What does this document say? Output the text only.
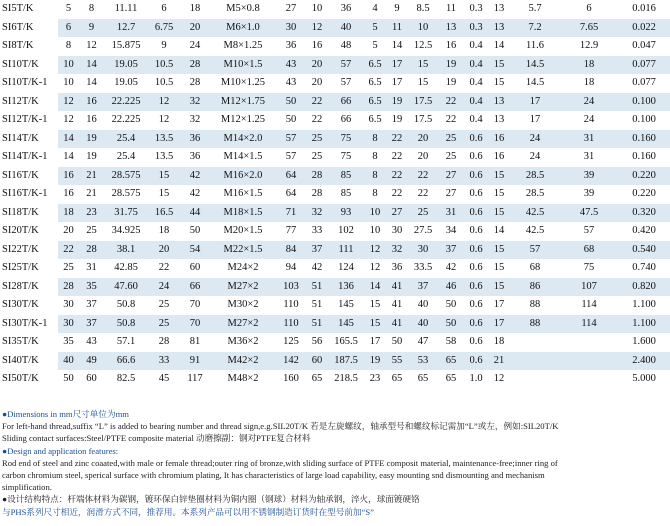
SI5T/K	5	8	11.11	6	18	M5×0.8	27	10	36	4	9	8.5	11	0.3	13	5.7	6	0.016
SI6T/K	6	9	12.7	6.75	20	M6×1.0	30	12	40	5	11	10	13	0.3	13	7.2	7.65	0.022
SI8T/K	8	12	15.875	9	24	M8×1.25	36	16	48	5	14	12.5	16	0.4	14	11.6	12.9	0.047
SI10T/K	10	14	19.05	10.5	28	M10×1.5	43	20	57	6.5	17	15	19	0.4	15	14.5	18	0.077
SI10T/K-1	10	14	19.05	10.5	28	M10×1.25	43	20	57	6.5	17	15	19	0.4	15	14.5	18	0.077
SI12T/K	12	16	22.225	12	32	M12×1.75	50	22	66	6.5	19	17.5	22	0.4	13	17	24	0.100
SI12T/K-1	12	16	22.225	12	32	M12×1.25	50	22	66	6.5	19	17.5	22	0.4	13	17	24	0.100
SI14T/K	14	19	25.4	13.5	36	M14×2.0	57	25	75	8	22	20	25	0.6	16	24	31	0.160
SI14T/K-1	14	19	25.4	13.5	36	M14×1.5	57	25	75	8	22	20	25	0.6	16	24	31	0.160
SI16T/K	16	21	28.575	15	42	M16×2.0	64	28	85	8	22	22	27	0.6	15	28.5	39	0.220
SI16T/K-1	16	21	28.575	15	42	M16×1.5	64	28	85	8	22	22	27	0.6	15	28.5	39	0.220
SI18T/K	18	23	31.75	16.5	44	M18×1.5	71	32	93	10	27	25	31	0.6	15	42.5	47.5	0.320
SI20T/K	20	25	34.925	18	50	M20×1.5	77	33	102	10	30	27.5	34	0.6	14	42.5	57	0.420
SI22T/K	22	28	38.1	20	54	M22×1.5	84	37	111	12	32	30	37	0.6	15	57	68	0.540
SI25T/K	25	31	42.85	22	60	M24×2	94	42	124	12	36	33.5	42	0.6	15	68	75	0.740
SI28T/K	28	35	47.60	24	66	M27×2	103	51	136	14	41	37	46	0.6	15	86	107	0.820
SI30T/K	30	37	50.8	25	70	M30×2	110	51	145	15	41	40	50	0.6	17	88	114	1.100
SI30T/K-1	30	37	50.8	25	70	M27×2	110	51	145	15	41	40	50	0.6	17	88	114	1.100
SI35T/K	35	43	57.1	28	81	M36×2	125	56	165.5	17	50	47	58	0.6	18			1.600
SI40T/K	40	49	66.6	33	91	M42×2	142	60	187.5	19	55	53	65	0.6	21			2.400
SI50T/K	50	60	82.5	45	117	M48×2	160	65	218.5	23	65	65	65	1.0	12			5.000
●Dimensions in mm尺寸单位为mm
For left-hand thread,suffix “L” is added to bearing number and thread sign,e.g.SIL20T/K 若是左旋螺纹，轴承型号和螺纹标记需加“L”或左，例如:SIL20T/K
Sliding contact surfaces:Steel/PTFE composite material 动磨擦副：钢对PTFE复合材料
●Design and application features:
Rod end of steel and zinc coaated,with male or female thread;outer ring of bronze,with sliding surface of PTFE composit material, maintenance-free;inner ring of
carbon chromium steel, sperical surface with chromium plating, It has characteristics of large load capability, easy mounting snd dismounting and mechanism
simplification.
●设计结构特点：杆端体材料为碳钢，镀环保白锌垫圈材料为铜内圈（钢球）材料为轴承钢，淬火，球面镀硬铬
与PHS系列尺寸相近，润滑方式不同，推荐用。本系列产品可以用不锈钢制造订货时在型号前加“S”
